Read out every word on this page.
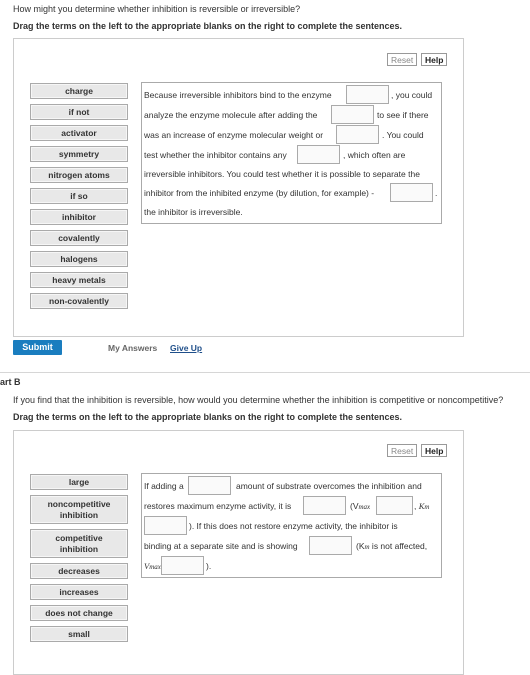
How might you determine whether inhibition is reversible or irreversible?
Drag the terms on the left to the appropriate blanks on the right to complete the sentences.
Reset	Help
charge
if not
activator
symmetry
nitrogen atoms
if so
inhibitor
covalently
halogens
heavy metals
non-covalently
Because irreversible inhibitors bind to the enzyme	, you could
analyze the enzyme molecule after adding the	to see if there
was an increase of enzyme molecular weight or	. You could
test whether the inhibitor contains any	, which often are
irreversible inhibitors. You could test whether it is possible to separate the
inhibitor from the inhibited enzyme (by dilution, for example) -	.
the inhibitor is irreversible.
Submit	My Answers Give Up
art B
If you find that the inhibition is reversible, how would you determine whether the inhibition is competitive or noncompetitive?
Drag the terms on the left to the appropriate blanks on the right to complete the sentences.
Reset	Help
large
noncompetitive
inhibition
competitive
inhibition
decreases
increases
does not change
small
If adding a	amount of substrate overcomes the inhibition and
restores maximum enzyme activity, it is	(Vmax	, Km
). If this does not restore enzyme activity, the inhibitor is
binding at a separate site and is showing	(Km is not affected,
Vmax	).
